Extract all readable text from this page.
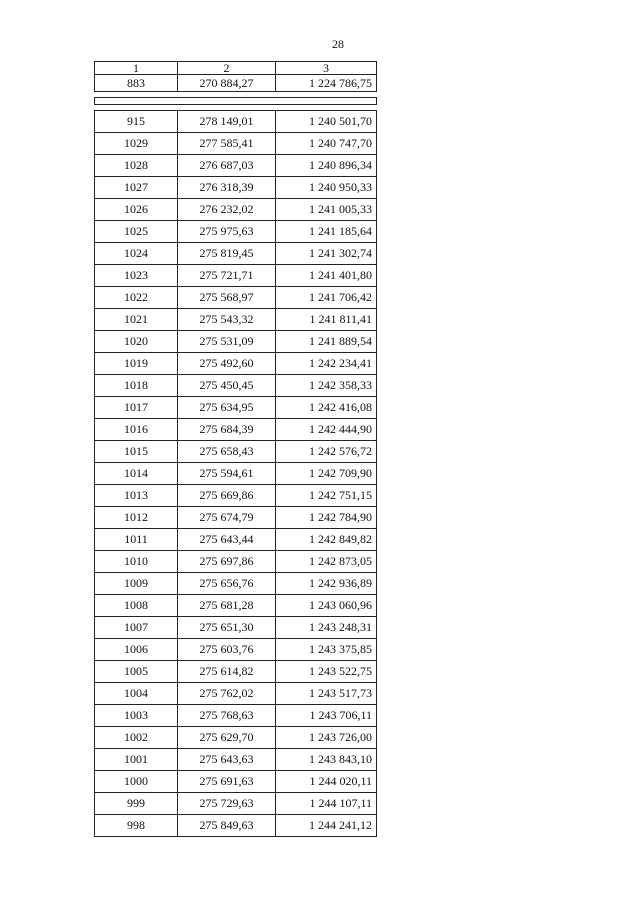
28
1	2	3
883	270 884,27	1 224 786,75

915	278 149,01	1 240 501,70
1029	277 585,41	1 240 747,70
1028	276 687,03	1 240 896,34
1027	276 318,39	1 240 950,33
1026	276 232,02	1 241 005,33
1025	275 975,63	1 241 185,64
1024	275 819,45	1 241 302,74
1023	275 721,71	1 241 401,80
1022	275 568,97	1 241 706,42
1021	275 543,32	1 241 811,41
1020	275 531,09	1 241 889,54
1019	275 492,60	1 242 234,41
1018	275 450,45	1 242 358,33
1017	275 634,95	1 242 416,08
1016	275 684,39	1 242 444,90
1015	275 658,43	1 242 576,72
1014	275 594,61	1 242 709,90
1013	275 669,86	1 242 751,15
1012	275 674,79	1 242 784,90
1011	275 643,44	1 242 849,82
1010	275 697,86	1 242 873,05
1009	275 656,76	1 242 936,89
1008	275 681,28	1 243 060,96
1007	275 651,30	1 243 248,31
1006	275 603,76	1 243 375,85
1005	275 614,82	1 243 522,75
1004	275 762,02	1 243 517,73
1003	275 768,63	1 243 706,11
1002	275 629,70	1 243 726,00
1001	275 643,63	1 243 843,10
1000	275 691,63	1 244 020,11
999	275 729,63	1 244 107,11
998	275 849,63	1 244 241,12
